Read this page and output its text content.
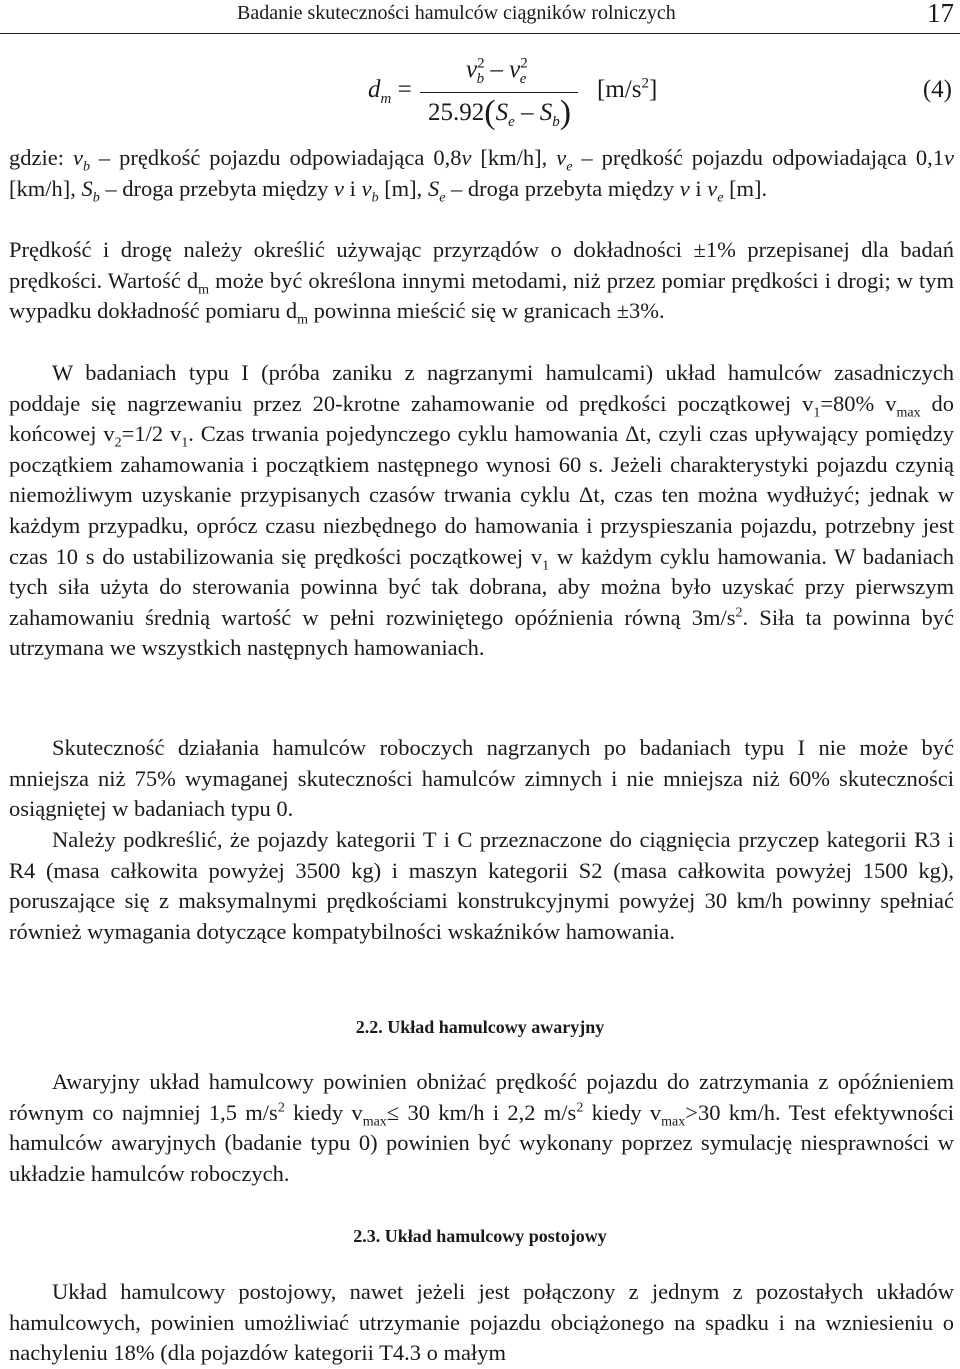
Badanie skuteczności hamulców ciągników rolniczych	17
$d_m$ =
$v^2_b - v^2_e$
$25.92(S_e - S_b)$
$[m/s^2]$	(4)

gdzie: $v_b$ – prędkość pojazdu odpowiadająca 0,8v [km/h], $v_e$ – prędkość pojazdu odpowiadająca 0,1v [km/h], $S_b$ – droga przebyta między v i $v_b$ [m], $S_e$ – droga przebyta między v i $v_e$ [m].

Prędkość i drogę należy określić używając przyrządów o dokładności ±1% przepisanej dla badań prędkości. Wartość $d_m$ może być określona innymi metodami, niż przez pomiar prędkości i drogi; w tym wypadku dokładność pomiaru $d_m$ powinna mieścić się w granicach ±3%.

W badaniach typu I (próba zaniku z nagrzanymi hamulcami) układ hamulców zasadniczych poddaje się nagrzewaniu przez 20-krotne zahamowanie od prędkości początkowej $v_1=80\%$ $v_{max}$ do końcowej $v_2=1/2$ $v_1$. Czas trwania pojedynczego cyklu hamowania Δt, czyli czas upływający pomiędzy początkiem zahamowania i początkiem następnego wynosi 60 s. Jeżeli charakterystyki pojazdu czynią niemożliwym uzyskanie przypisanych czasów trwania cyklu Δt, czas ten można wydłużyć; jednak w każdym przypadku, oprócz czasu niezbędnego do hamowania i przyspieszania pojazdu, potrzebny jest czas 10 s do ustabilizowania się prędkości początkowej $v_1$ w każdym cyklu hamowania. W badaniach tych siła użyta do sterowania powinna być tak dobrana, aby można było uzyskać przy pierwszym zahamowaniu średnią wartość w pełni rozwiniętego opóźnienia równą $3m/s^2$. Siła ta powinna być utrzymana we wszystkich następnych hamowaniach.

Skuteczność działania hamulców roboczych nagrzanych po badaniach typu I nie może być mniejsza niż 75% wymaganej skuteczności hamulców zimnych i nie mniejsza niż 60% skuteczności osiągniętej w badaniach typu 0.

Należy podkreślić, że pojazdy kategorii T i C przeznaczone do ciągnięcia przyczep kategorii R3 i R4 (masa całkowita powyżej 3500 kg) i maszyn kategorii S2 (masa całkowita powyżej 1500 kg), poruszające się z maksymalnymi prędkościami konstrukcyjnymi powyżej 30 km/h powinny spełniać również wymagania dotyczące kompatybilności wskaźników hamowania.

2.2. Układ hamulcowy awaryjny

Awaryjny układ hamulcowy powinien obniżać prędkość pojazdu do zatrzymania z opóźnieniem równym co najmniej 1,5 $m/s^2$ kiedy $v_{max}\le 30$ km/h i 2,2 $m/s^2$ kiedy $v_{max}>30$ km/h. Test efektywności hamulców awaryjnych (badanie typu 0) powinien być wykonany poprzez symulację niesprawności w układzie hamulców roboczych.

2.3. Układ hamulcowy postojowy

Układ hamulcowy postojowy, nawet jeżeli jest połączony z jednym z pozostałych układów hamulcowych, powinien umożliwiać utrzymanie pojazdu obciążonego na spadku i na wzniesieniu o nachyleniu 18% (dla pojazdów kategorii T4.3 o małym
